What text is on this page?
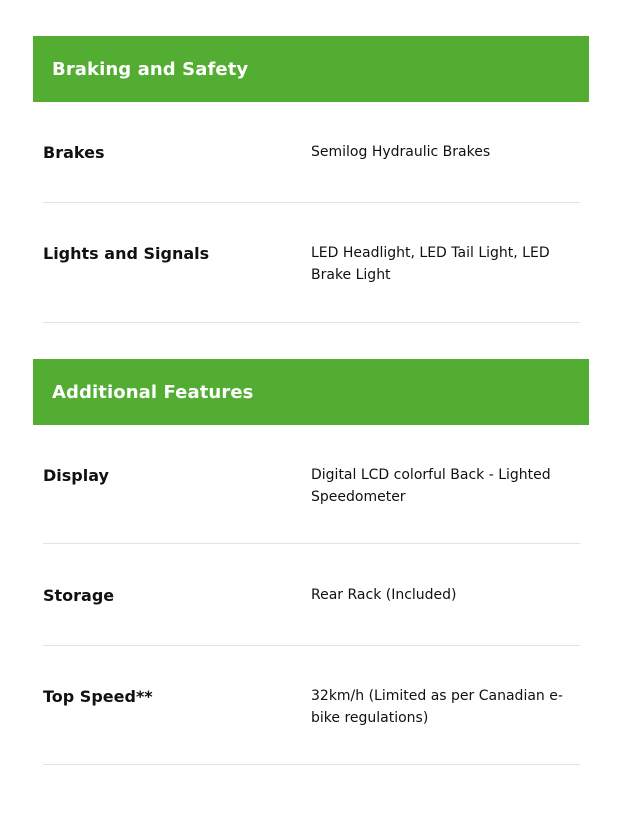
Braking and Safety
Brakes	Semilog Hydraulic Brakes
Lights and Signals	LED Headlight, LED Tail Light, LED Brake Light
Additional Features
Display	Digital LCD colorful Back - Lighted Speedometer
Storage	Rear Rack (Included)
Top Speed**	32km/h (Limited as per Canadian e-bike regulations)
